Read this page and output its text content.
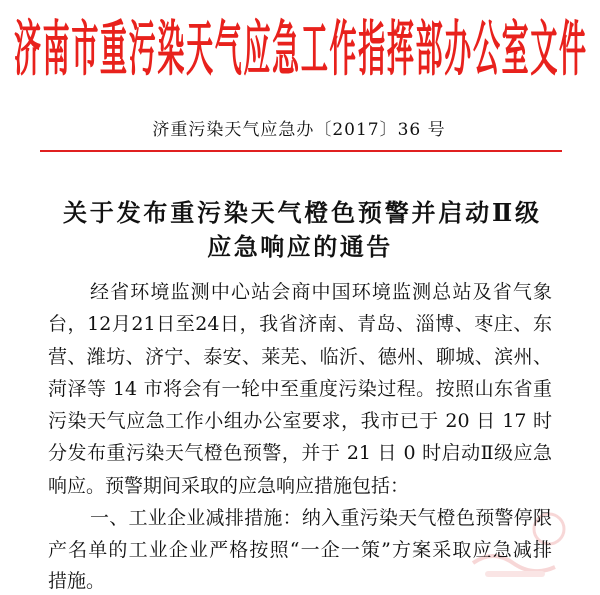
济南市重污染天气应急工作指挥部办公室文件
济重污染天气应急办〔2017〕36 号
关于发布重污染天气橙色预警并启动Ⅱ级
应急响应的通告
经省环境监测中心站会商中国环境监测总站及省气象
台，12月21日至24日，我省济南、青岛、淄博、枣庄、东
营、潍坊、济宁、泰安、莱芜、临沂、德州、聊城、滨州、
菏泽等 14 市将会有一轮中至重度污染过程。按照山东省重
污染天气应急工作小组办公室要求，我市已于 20 日 17 时
分发布重污染天气橙色预警，并于 21 日 0 时启动Ⅱ级应急
响应。预警期间采取的应急响应措施包括：
一、工业企业减排措施：纳入重污染天气橙色预警停限
产名单的工业企业严格按照“一企一策”方案采取应急减排
措施。
